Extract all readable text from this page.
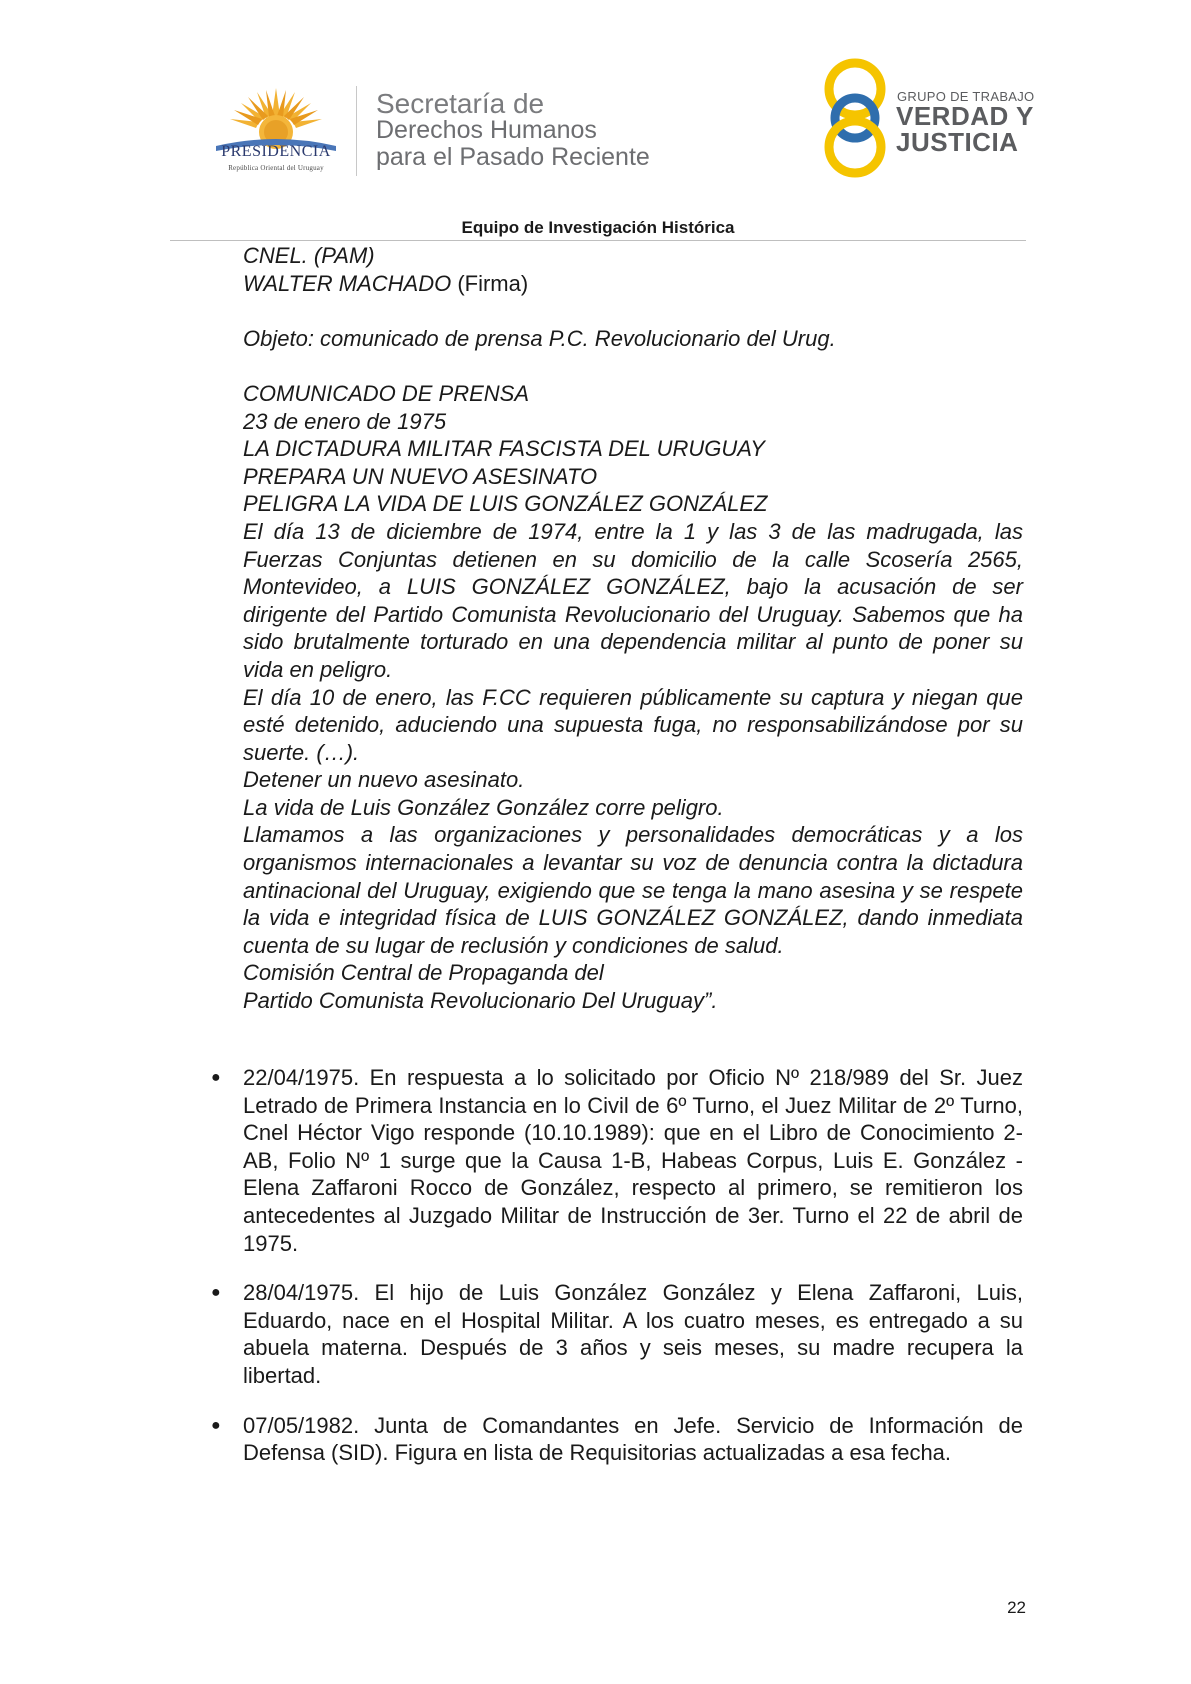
PRESIDENCIA
República Oriental del Uruguay
Secretaría de
Derechos Humanos
para el Pasado Reciente
GRUPO DE TRABAJO
VERDAD Y
JUSTICIA
Equipo de Investigación Histórica
CNEL. (PAM)
WALTER MACHADO (Firma)
Objeto: comunicado de prensa P.C. Revolucionario del Urug.
COMUNICADO DE PRENSA
23 de enero de 1975
LA DICTADURA MILITAR FASCISTA DEL URUGUAY
PREPARA UN NUEVO ASESINATO
PELIGRA LA VIDA DE LUIS GONZÁLEZ GONZÁLEZ
El día 13 de diciembre de 1974, entre la 1 y las 3 de las madrugada, las Fuerzas Conjuntas detienen en su domicilio de la calle Scosería 2565, Montevideo, a LUIS GONZÁLEZ GONZÁLEZ, bajo la acusación de ser dirigente del Partido Comunista Revolucionario del Uruguay. Sabemos que ha sido brutalmente torturado en una dependencia militar al punto de poner su vida en peligro.
El día 10 de enero, las F.CC requieren públicamente su captura y niegan que esté detenido, aduciendo una supuesta fuga, no responsabilizándose por su suerte. (…).
Detener un nuevo asesinato.
La vida de Luis González González corre peligro.
Llamamos a las organizaciones y personalidades democráticas y a los organismos internacionales a levantar su voz de denuncia contra la dictadura antinacional del Uruguay, exigiendo que se tenga la mano asesina y se respete la vida e integridad física de LUIS GONZÁLEZ GONZÁLEZ, dando inmediata cuenta de su lugar de reclusión y condiciones de salud.
Comisión Central de Propaganda del
Partido Comunista Revolucionario Del Uruguay”.
●	22/04/1975. En respuesta a lo solicitado por Oficio Nº 218/989 del Sr. Juez Letrado de Primera Instancia en lo Civil de 6º Turno, el Juez Militar de 2º Turno, Cnel Héctor Vigo responde (10.10.1989): que en el Libro de Conocimiento 2-AB, Folio Nº 1 surge que la Causa 1-B, Habeas Corpus, Luis E. González - Elena Zaffaroni Rocco de González, respecto al primero, se remitieron los antecedentes al Juzgado Militar de Instrucción de 3er. Turno el 22 de abril de 1975.
●	28/04/1975. El hijo de Luis González González y Elena Zaffaroni, Luis, Eduardo, nace en el Hospital Militar. A los cuatro meses, es entregado a su abuela materna. Después de 3 años y seis meses, su madre recupera la libertad.
●	07/05/1982. Junta de Comandantes en Jefe. Servicio de Información de Defensa (SID). Figura en lista de Requisitorias actualizadas a esa fecha.
22
